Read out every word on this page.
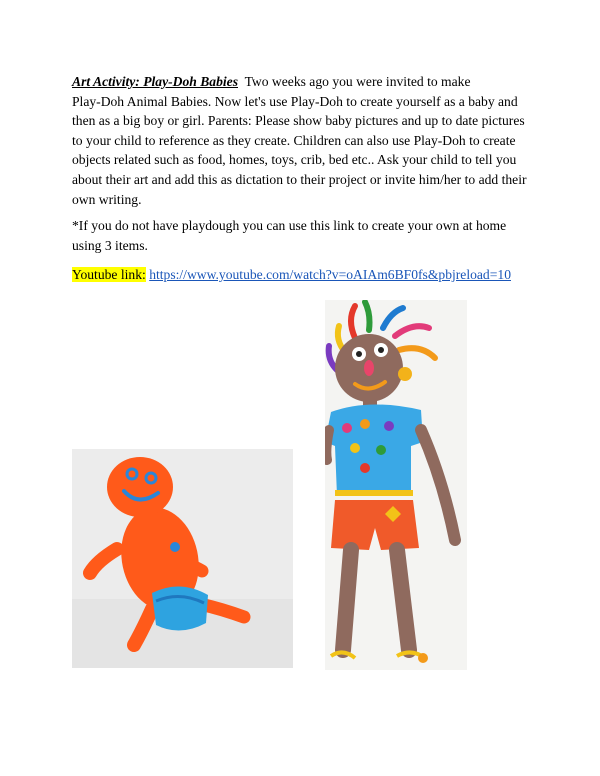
Art Activity: Play-Doh Babies Two weeks ago you were invited to make
Play-Doh Animal Babies. Now let's use Play-Doh to create yourself as a baby and
then as a big boy or girl. Parents: Please show baby pictures and up to date pictures
to your child to reference as they create. Children can also use Play-Doh to create
objects related such as food, homes, toys, crib, bed etc.. Ask your child to tell you
about their art and add this as dictation to their project or invite him/her to add their
own writing.
*If you do not have playdough you can use this link to create your own at home
using 3 items.
Youtube link: https://www.youtube.com/watch?v=oAIAm6BF0fs&pbjreload=10
